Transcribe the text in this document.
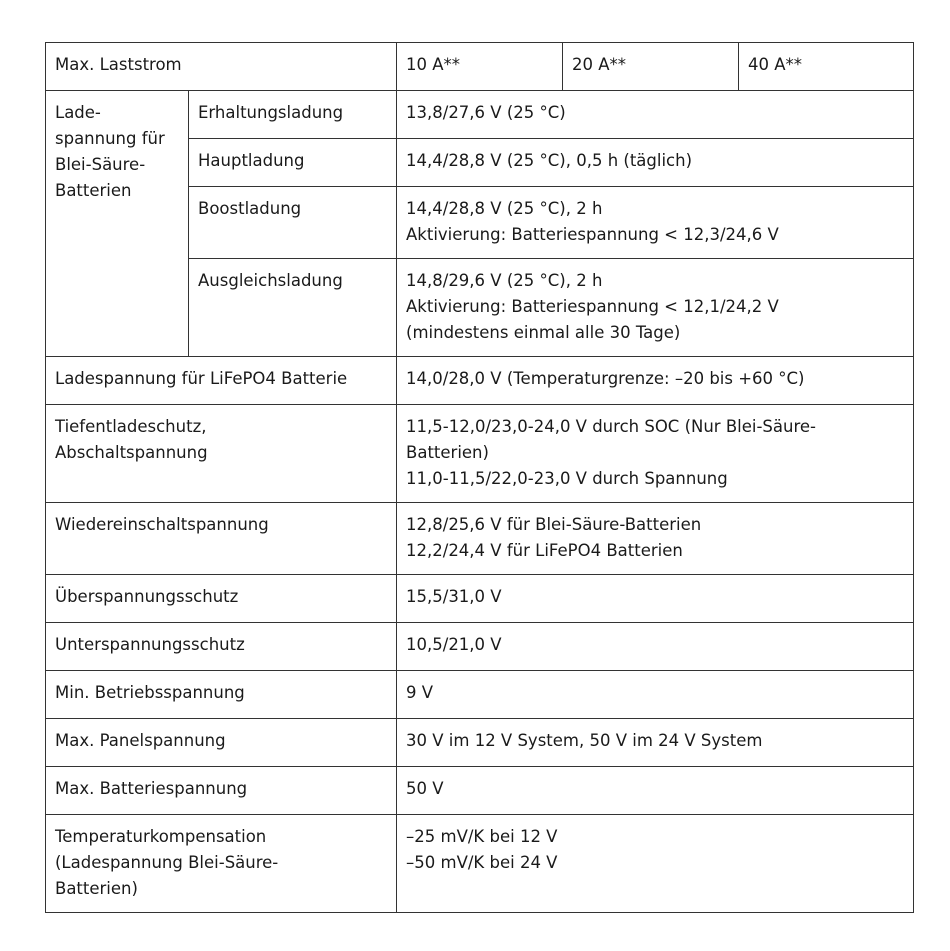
Max. Laststrom		10 A**	20 A**	40 A**
Lade-
spannung für
Blei-Säure-
Batterien	Erhaltungsladung	13,8/27,6 V (25 °C)		
	Hauptladung	14,4/28,8 V (25 °C), 0,5 h (täglich)		
	Boostladung	14,4/28,8 V (25 °C), 2 h
Aktivierung: Batteriespannung < 12,3/24,6 V		
	Ausgleichsladung	14,8/29,6 V (25 °C), 2 h
Aktivierung: Batteriespannung < 12,1/24,2 V
(mindestens einmal alle 30 Tage)		
Ladespannung für LiFePO4 Batterie		14,0/28,0 V (Temperaturgrenze: –20 bis +60 °C)		
Tiefentladeschutz,
Abschaltspannung		11,5-12,0/23,0-24,0 V durch SOC (Nur Blei-Säure-
Batterien)
11,0-11,5/22,0-23,0 V durch Spannung		
Wiedereinschaltspannung		12,8/25,6 V für Blei-Säure-Batterien
12,2/24,4 V für LiFePO4 Batterien		
Überspannungsschutz		15,5/31,0 V		
Unterspannungsschutz		10,5/21,0 V		
Min. Betriebsspannung		9 V		
Max. Panelspannung		30 V im 12 V System, 50 V im 24 V System		
Max. Batteriespannung		50 V		
Temperaturkompensation
(Ladespannung Blei-Säure-
Batterien)		–25 mV/K bei 12 V
–50 mV/K bei 24 V		
